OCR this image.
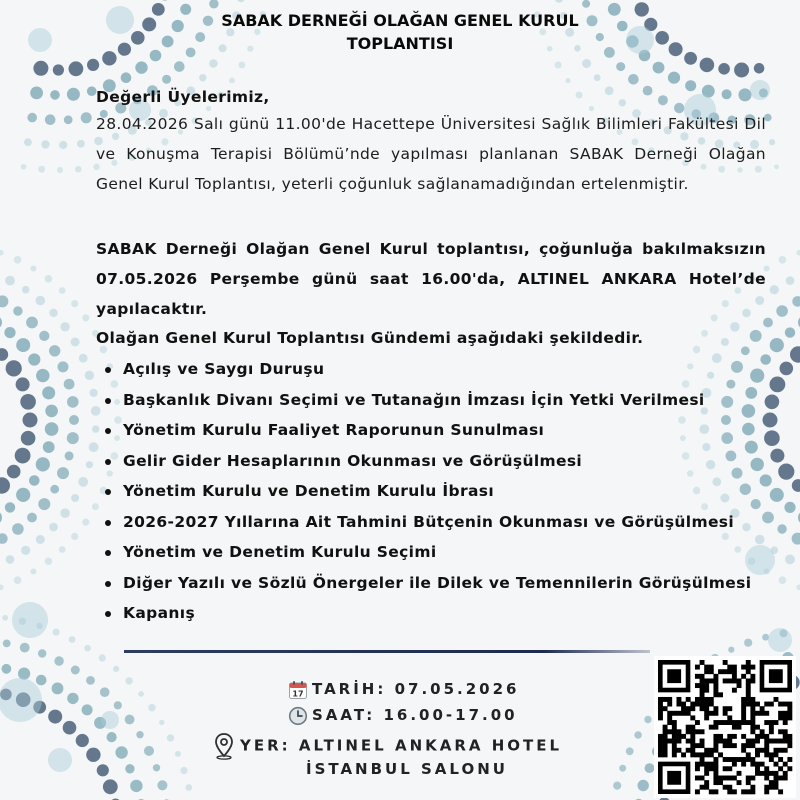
SABAK DERNEĞİ OLAĞAN GENEL KURUL
TOPLANTISI
Değerli Üyelerimiz,
28.04.2026 Salı günü 11.00'de Hacettepe Üniversitesi Sağlık Bilimleri Fakültesi Dil ve Konuşma Terapisi Bölümü’nde yapılması planlanan SABAK Derneği Olağan Genel Kurul Toplantısı, yeterli çoğunluk sağlanamadığından ertelenmiştir.
SABAK Derneği Olağan Genel Kurul toplantısı, çoğunluğa bakılmaksızın 07.05.2026 Perşembe günü saat 16.00'da, ALTINEL ANKARA Hotel’de yapılacaktır.
Olağan Genel Kurul Toplantısı Gündemi aşağıdaki şekildedir.
Açılış ve Saygı Duruşu
Başkanlık Divanı Seçimi ve Tutanağın İmzası İçin Yetki Verilmesi
Yönetim Kurulu Faaliyet Raporunun Sunulması
Gelir Gider Hesaplarının Okunması ve Görüşülmesi
Yönetim Kurulu ve Denetim Kurulu İbrası
2026-2027 Yıllarına Ait Tahmini Bütçenin Okunması ve Görüşülmesi
Yönetim ve Denetim Kurulu Seçimi
Diğer Yazılı ve Sözlü Önergeler ile Dilek ve Temennilerin Görüşülmesi
Kapanış
17 TARİH: 07.05.2026
SAAT: 16.00-17.00
YER: ALTINEL ANKARA HOTEL
İSTANBUL SALONU
